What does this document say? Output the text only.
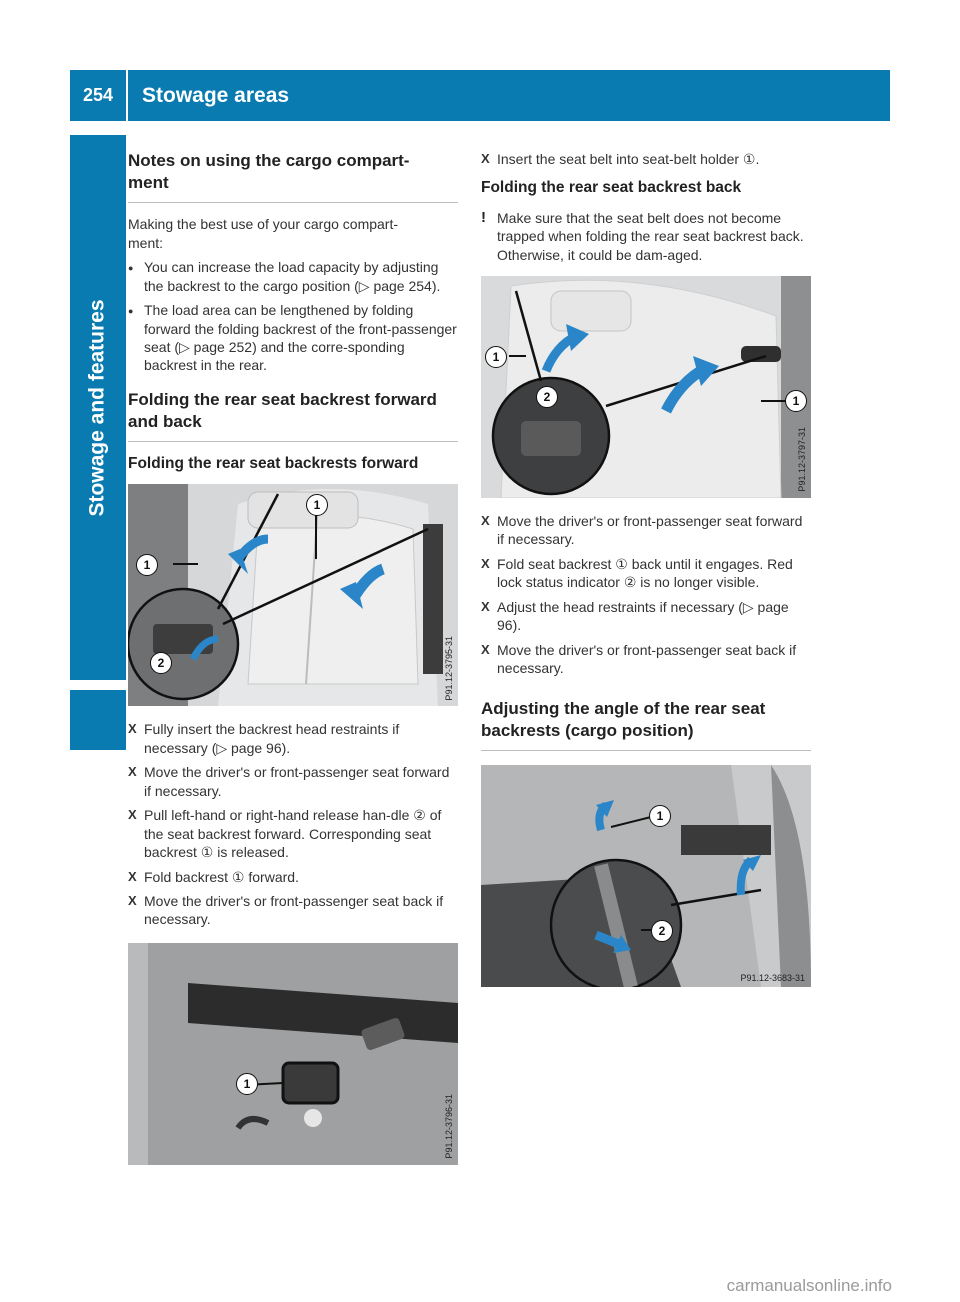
254	Stowage areas
Stowage and features
Notes on using the cargo compart-
ment

Making the best use of your cargo compart-
ment:

● You can increase the load capacity by adjusting the backrest to the cargo position (▷ page 254).
● The load area can be lengthened by folding forward the folding backrest of the front-passenger seat (▷ page 252) and the corre-sponding backrest in the rear.
Folding the rear seat backrest forward and back
Folding the rear seat backrests forward
1
1
2	P91.12-3795-31
X Fully insert the backrest head restraints if necessary (▷ page 96).
X Move the driver's or front-passenger seat forward if necessary.
X Pull left-hand or right-hand release han-dle ② of the seat backrest forward. Corresponding seat backrest ① is released.
X Fold backrest ① forward.
X Move the driver's or front-passenger seat back if necessary.
1
P91.12-3796-31
X Insert the seat belt into seat-belt holder ①.
Folding the rear seat backrest back
! Make sure that the seat belt does not become trapped when folding the rear seat backrest back. Otherwise, it could be dam-aged.

1
2	1
P91.12-3797-31
X Move the driver's or front-passenger seat forward if necessary.
X Fold seat backrest ① back until it engages. Red lock status indicator ② is no longer visible.
X Adjust the head restraints if necessary (▷ page 96).
X Move the driver's or front-passenger seat back if necessary.
Adjusting the angle of the rear seat backrests (cargo position)
1
2
P91.12-3683-31
carmanualsonline.info
